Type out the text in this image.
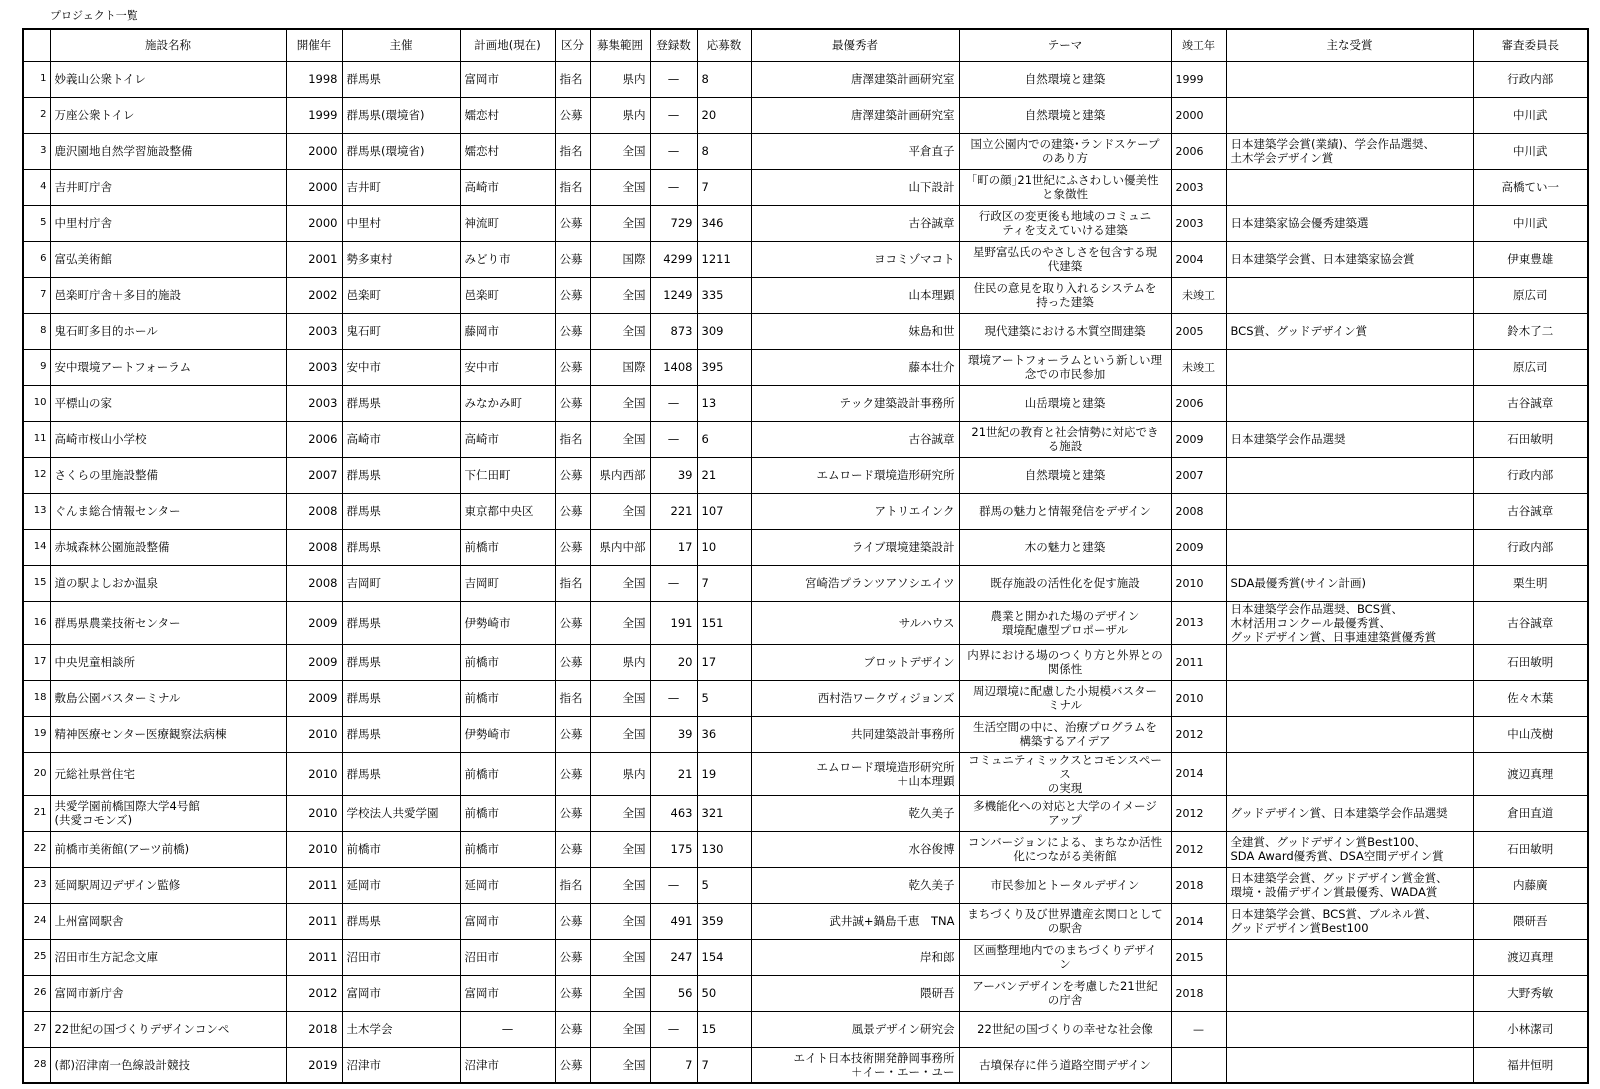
プロジェクト一覧
	施設名称	開催年	主催	計画地(現在)	区分	募集範囲	登録数	応募数	最優秀者	テーマ	竣工年	主な受賞	審査委員長
1	妙義山公衆トイレ	1998	群馬県	富岡市	指名	県内	—	8	唐澤建築計画研究室	自然環境と建築	1999		行政内部
2	万座公衆トイレ	1999	群馬県(環境省)	嬬恋村	公募	県内	—	20	唐澤建築計画研究室	自然環境と建築	2000		中川武
3	鹿沢園地自然学習施設整備	2000	群馬県(環境省)	嬬恋村	指名	全国	—	8	平倉直子	国立公園内での建築･ランドスケープ
のあり方	2006	日本建築学会賞(業績)、学会作品選奨、
土木学会デザイン賞	中川武
4	吉井町庁舎	2000	吉井町	高崎市	指名	全国	—	7	山下設計	｢町の顔｣21世紀にふさわしい優美性
と象徴性	2003		高橋てい一
5	中里村庁舎	2000	中里村	神流町	公募	全国	729	346	古谷誠章	行政区の変更後も地域のコミュニ
ティを支えていける建築	2003	日本建築家協会優秀建築選	中川武
6	富弘美術館	2001	勢多東村	みどり市	公募	国際	4299	1211	ヨコミゾマコト	星野富弘氏のやさしさを包含する現
代建築	2004	日本建築学会賞、日本建築家協会賞	伊東豊雄
7	邑楽町庁舎＋多目的施設	2002	邑楽町	邑楽町	公募	全国	1249	335	山本理顕	住民の意見を取り入れるシステムを
持った建築	未竣工		原広司
8	鬼石町多目的ホール	2003	鬼石町	藤岡市	公募	全国	873	309	妹島和世	現代建築における木質空間建築	2005	BCS賞、グッドデザイン賞	鈴木了二
9	安中環境アートフォーラム	2003	安中市	安中市	公募	国際	1408	395	藤本壮介	環境アートフォーラムという新しい理
念での市民参加	未竣工		原広司
10	平標山の家	2003	群馬県	みなかみ町	公募	全国	—	13	テック建築設計事務所	山岳環境と建築	2006		古谷誠章
11	高崎市桜山小学校	2006	高崎市	高崎市	指名	全国	—	6	古谷誠章	21世紀の教育と社会情勢に対応でき
る施設	2009	日本建築学会作品選奨	石田敏明
12	さくらの里施設整備	2007	群馬県	下仁田町	公募	県内西部	39	21	エムロード環境造形研究所	自然環境と建築	2007		行政内部
13	ぐんま総合情報センター	2008	群馬県	東京都中央区	公募	全国	221	107	アトリエインク	群馬の魅力と情報発信をデザイン	2008		古谷誠章
14	赤城森林公園施設整備	2008	群馬県	前橋市	公募	県内中部	17	10	ライブ環境建築設計	木の魅力と建築	2009		行政内部
15	道の駅よしおか温泉	2008	吉岡町	吉岡町	指名	全国	—	7	宮崎浩プランツアソシエイツ	既存施設の活性化を促す施設	2010	SDA最優秀賞(サイン計画)	栗生明
16	群馬県農業技術センター	2009	群馬県	伊勢崎市	公募	全国	191	151	サルハウス	農業と開かれた場のデザイン
環境配慮型プロポーザル	2013	日本建築学会作品選奨、BCS賞、
木材活用コンクール最優秀賞、
グッドデザイン賞、日事連建築賞優秀賞	古谷誠章
17	中央児童相談所	2009	群馬県	前橋市	公募	県内	20	17	ブロットデザイン	内界における場のつくり方と外界との
関係性	2011		石田敏明
18	敷島公園バスターミナル	2009	群馬県	前橋市	指名	全国	—	5	西村浩ワークヴィジョンズ	周辺環境に配慮した小規模バスター
ミナル	2010		佐々木葉
19	精神医療センター医療観察法病棟	2010	群馬県	伊勢崎市	公募	全国	39	36	共同建築設計事務所	生活空間の中に、治療プログラムを
構築するアイデア	2012		中山茂樹
20	元総社県営住宅	2010	群馬県	前橋市	公募	県内	21	19	エムロード環境造形研究所
＋山本理顕	コミュニティミックスとコモンスペース
の実現	2014		渡辺真理
21	共愛学園前橋国際大学4号館
(共愛コモンズ)	2010	学校法人共愛学園	前橋市	公募	全国	463	321	乾久美子	多機能化への対応と大学のイメージ
アップ	2012	グッドデザイン賞、日本建築学会作品選奨	倉田直道
22	前橋市美術館(アーツ前橋)	2010	前橋市	前橋市	公募	全国	175	130	水谷俊博	コンバージョンによる、まちなか活性
化につながる美術館	2012	全建賞、グッドデザイン賞Best100、
SDA Award優秀賞、DSA空間デザイン賞	石田敏明
23	延岡駅周辺デザイン監修	2011	延岡市	延岡市	指名	全国	—	5	乾久美子	市民参加とトータルデザイン	2018	日本建築学会賞、グッドデザイン賞金賞、
環境・設備デザイン賞最優秀、WADA賞	内藤廣
24	上州富岡駅舎	2011	群馬県	富岡市	公募	全国	491	359	武井誠+鍋島千恵　TNA	まちづくり及び世界遺産玄関口として
の駅舎	2014	日本建築学会賞、BCS賞、ブルネル賞、
グッドデザイン賞Best100	隈研吾
25	沼田市生方記念文庫	2011	沼田市	沼田市	公募	全国	247	154	岸和郎	区画整理地内でのまちづくりデザイ
ン	2015		渡辺真理
26	富岡市新庁舎	2012	富岡市	富岡市	公募	全国	56	50	隈研吾	アーバンデザインを考慮した21世紀
の庁舎	2018		大野秀敏
27	22世紀の国づくりデザインコンペ	2018	土木学会	—	公募	全国	—	15	風景デザイン研究会	22世紀の国づくりの幸せな社会像	—		小林潔司
28	(都)沼津南一色線設計競技	2019	沼津市	沼津市	公募	全国	7	7	エイト日本技術開発静岡事務所
＋イー・エー・ユー	古墳保存に伴う道路空間デザイン			福井恒明
